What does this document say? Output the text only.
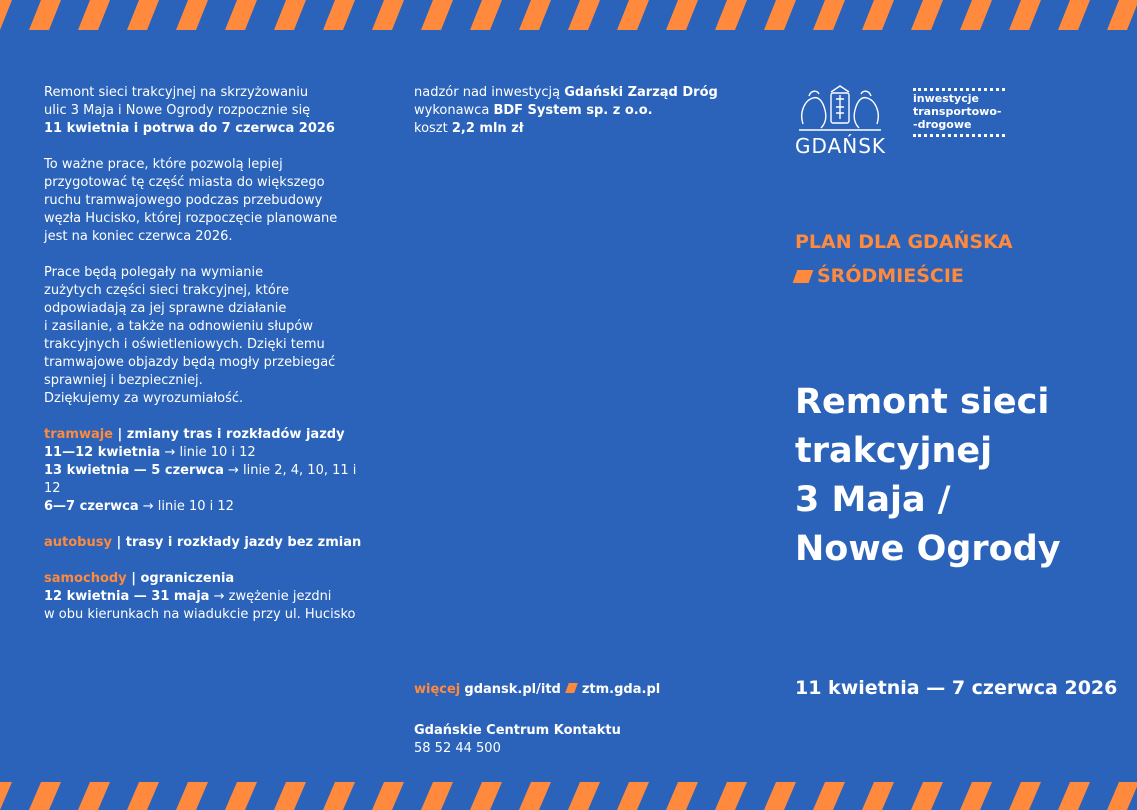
Remont sieci trakcyjnej na skrzyżowaniu

ulic 3 Maja i Nowe Ogrody rozpocznie się

11 kwietnia i potrwa do 7 czerwca 2026

To ważne prace, które pozwolą lepiej

przygotować tę część miasta do większego

ruchu tramwajowego podczas przebudowy

węzła Hucisko, której rozpoczęcie planowane

jest na koniec czerwca 2026.

Prace będą polegały na wymianie

zużytych części sieci trakcyjnej, które

odpowiadają za jej sprawne działanie

i zasilanie, a także na odnowieniu słupów

trakcyjnych i oświetleniowych. Dzięki temu

tramwajowe objazdy będą mogły przebiegać

sprawniej i bezpieczniej.

Dziękujemy za wyrozumiałość.

tramwaje | zmiany tras i rozkładów jazdy

11—12 kwietnia → linie 10 i 12

13 kwietnia — 5 czerwca → linie 2, 4, 10, 11 i 12

6—7 czerwca → linie 10 i 12

autobusy | trasy i rozkłady jazdy bez zmian

samochody | ograniczenia

12 kwietnia — 31 maja → zwężenie jezdni

w obu kierunkach na wiadukcie przy ul. Hucisko

nadzór nad inwestycją Gdański Zarząd Dróg

wykonawca BDF System sp. z o.o.

koszt 2,2 mln zł

więcej gdansk.pl/itd ztm.gda.pl

Gdańskie Centrum Kontaktu

58 52 44 500

GDAŃSK

inwestycje

transportowo-

-drogowe

PLAN DLA GDAŃSKA

ŚRÓDMIEŚCIE

Remont sieci

trakcyjnej

3 Maja /

Nowe Ogrody

11 kwietnia — 7 czerwca 2026
